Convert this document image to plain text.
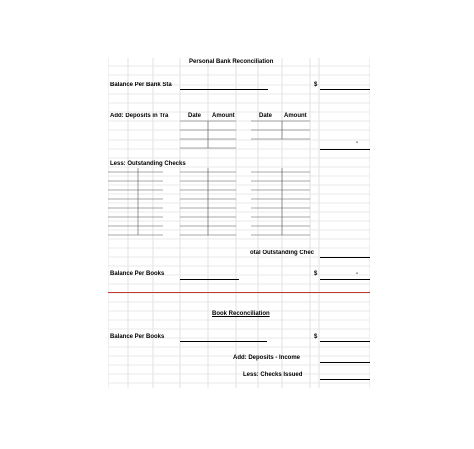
Personal Bank Reconciliation
Balance Per Bank Sta	$
Add: Deposits in Tra	Date Amount	Date Amount
-
Less: Outstanding Checks
otal Outstanding Chec
Balance Per Books	$	-
Book Reconciliation
Balance Per Books	$
Add: Deposits - Income
Less: Checks Issued
